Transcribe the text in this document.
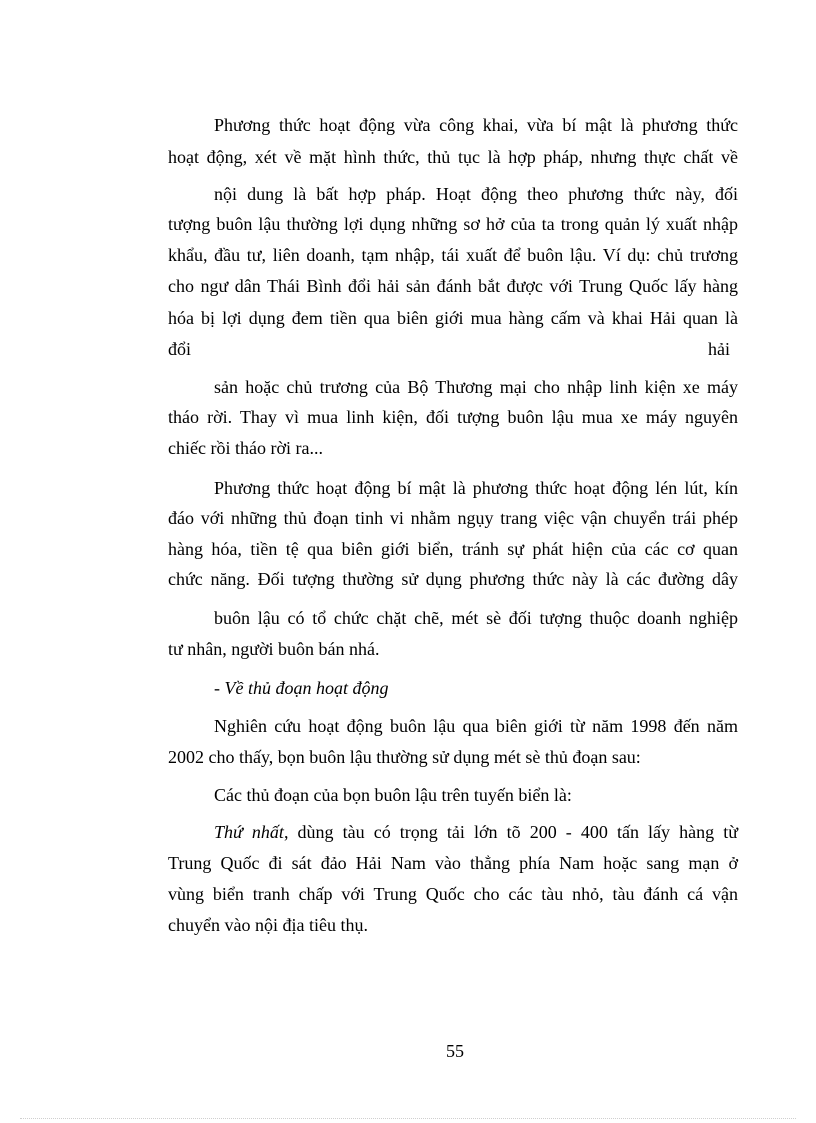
Phương thức hoạt động vừa công khai, vừa bí mật là phương thức
hoạt động, xét về mặt hình thức, thủ tục là hợp pháp, nhưng thực chất về
nội dung là bất hợp pháp. Hoạt động theo phương thức này, đối
tượng buôn lậu thường lợi dụng những sơ hở của ta trong quản lý xuất nhập
khẩu, đầu tư, liên doanh, tạm nhập, tái xuất để buôn lậu. Ví dụ: chủ trương
cho ngư dân Thái Bình đổi hải sản đánh bắt được với Trung Quốc lấy hàng
hóa bị lợi dụng đem tiền qua biên giới mua hàng cấm và khai Hải quan là
đổi	hải
sản hoặc chủ trương của Bộ Thương mại cho nhập linh kiện xe máy
tháo rời. Thay vì mua linh kiện, đối tượng buôn lậu mua xe máy nguyên
chiếc rồi tháo rời ra...
Phương thức hoạt động bí mật là phương thức hoạt động lén lút, kín
đáo với những thủ đoạn tinh vi nhằm ngụy trang việc vận chuyển trái phép
hàng hóa, tiền tệ qua biên giới biển, tránh sự phát hiện của các cơ quan
chức năng. Đối tượng thường sử dụng phương thức này là các đường dây
buôn lậu có tổ chức chặt chẽ, mét sè đối tượng thuộc doanh nghiệp
tư nhân, người buôn bán nhá.
- Về thủ đoạn hoạt động
Nghiên cứu hoạt động buôn lậu qua biên giới từ năm 1998 đến năm
2002 cho thấy, bọn buôn lậu thường sử dụng mét sè thủ đoạn sau:
Các thủ đoạn của bọn buôn lậu trên tuyến biển là:
Thứ nhất, dùng tàu có trọng tải lớn tõ 200 - 400 tấn lấy hàng từ
Trung Quốc đi sát đảo Hải Nam vào thẳng phía Nam hoặc sang mạn ở
vùng biển tranh chấp với Trung Quốc cho các tàu nhỏ, tàu đánh cá vận
chuyển vào nội địa tiêu thụ.
55
